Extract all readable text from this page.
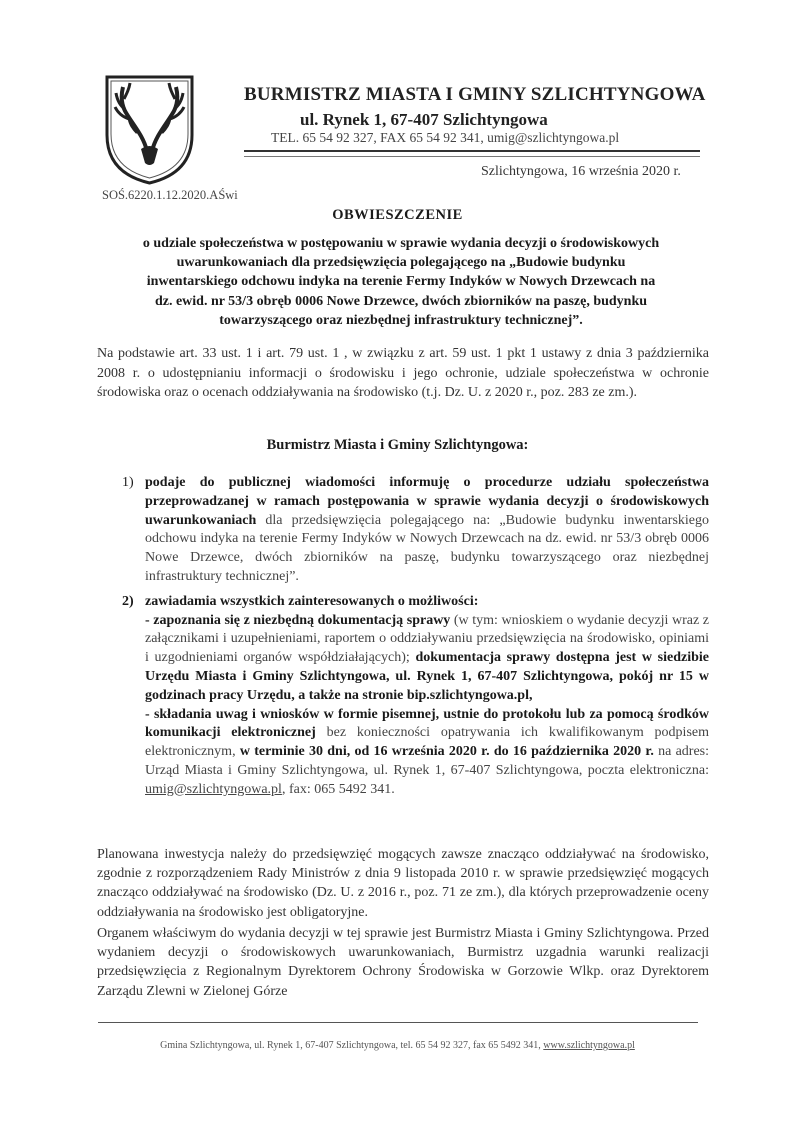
BURMISTRZ MIASTA I GMINY SZLICHTYNGOWA
ul. Rynek 1, 67-407 Szlichtyngowa
TEL. 65 54 92 327, FAX 65 54 92 341, umig@szlichtyngowa.pl
Szlichtyngowa, 16 września 2020 r.
SOŚ.6220.1.12.2020.AŚwi
OBWIESZCZENIE
o udziale społeczeństwa w postępowaniu w sprawie wydania decyzji o środowiskowych
uwarunkowaniach dla przedsięwzięcia polegającego na „Budowie budynku
inwentarskiego odchowu indyka na terenie Fermy Indyków w Nowych Drzewcach na
dz. ewid. nr 53/3 obręb 0006 Nowe Drzewce, dwóch zbiorników na paszę, budynku
towarzyszącego oraz niezbędnej infrastruktury technicznej”.
Na podstawie art. 33 ust. 1 i art. 79 ust. 1 , w związku z art. 59 ust. 1 pkt 1 ustawy z dnia 3 października 2008 r. o udostępnianiu informacji o środowisku i jego ochronie, udziale społeczeństwa w ochronie środowiska oraz o ocenach oddziaływania na środowisko (t.j. Dz. U. z 2020 r., poz. 283 ze zm.).
Burmistrz Miasta i Gminy Szlichtyngowa:
1) podaje do publicznej wiadomości informuję o procedurze udziału społeczeństwa przeprowadzanej w ramach postępowania w sprawie wydania decyzji o środowiskowych uwarunkowaniach dla przedsięwzięcia polegającego na: „Budowie budynku inwentarskiego odchowu indyka na terenie Fermy Indyków w Nowych Drzewcach na dz. ewid. nr 53/3 obręb 0006 Nowe Drzewce, dwóch zbiorników na paszę, budynku towarzyszącego oraz niezbędnej infrastruktury technicznej”.
2) zawiadamia wszystkich zainteresowanych o możliwości:
- zapoznania się z niezbędną dokumentacją sprawy (w tym: wnioskiem o wydanie decyzji wraz z załącznikami i uzupełnieniami, raportem o oddziaływaniu przedsięwzięcia na środowisko, opiniami i uzgodnieniami organów współdziałających); dokumentacja sprawy dostępna jest w siedzibie Urzędu Miasta i Gminy Szlichtyngowa, ul. Rynek 1, 67-407 Szlichtyngowa, pokój nr 15 w godzinach pracy Urzędu, a także na stronie bip.szlichtyngowa.pl,
- składania uwag i wniosków w formie pisemnej, ustnie do protokołu lub za pomocą środków komunikacji elektronicznej bez konieczności opatrywania ich kwalifikowanym podpisem elektronicznym, w terminie 30 dni, od 16 września 2020 r. do 16 października 2020 r. na adres: Urząd Miasta i Gminy Szlichtyngowa, ul. Rynek 1, 67-407 Szlichtyngowa, poczta elektroniczna: umig@szlichtyngowa.pl, fax: 065 5492 341.
Planowana inwestycja należy do przedsięwzięć mogących zawsze znacząco oddziaływać na środowisko, zgodnie z rozporządzeniem Rady Ministrów z dnia 9 listopada 2010 r. w sprawie przedsięwzięć mogących znacząco oddziaływać na środowisko (Dz. U. z 2016 r., poz. 71 ze zm.), dla których przeprowadzenie oceny oddziaływania na środowisko jest obligatoryjne.
Organem właściwym do wydania decyzji w tej sprawie jest Burmistrz Miasta i Gminy Szlichtyngowa. Przed wydaniem decyzji o środowiskowych uwarunkowaniach, Burmistrz uzgadnia warunki realizacji przedsięwzięcia z Regionalnym Dyrektorem Ochrony Środowiska w Gorzowie Wlkp. oraz Dyrektorem Zarządu Zlewni w Zielonej Górze
Gmina Szlichtyngowa, ul. Rynek 1, 67-407 Szlichtyngowa, tel. 65 54 92 327, fax 65 5492 341, www.szlichtyngowa.pl
